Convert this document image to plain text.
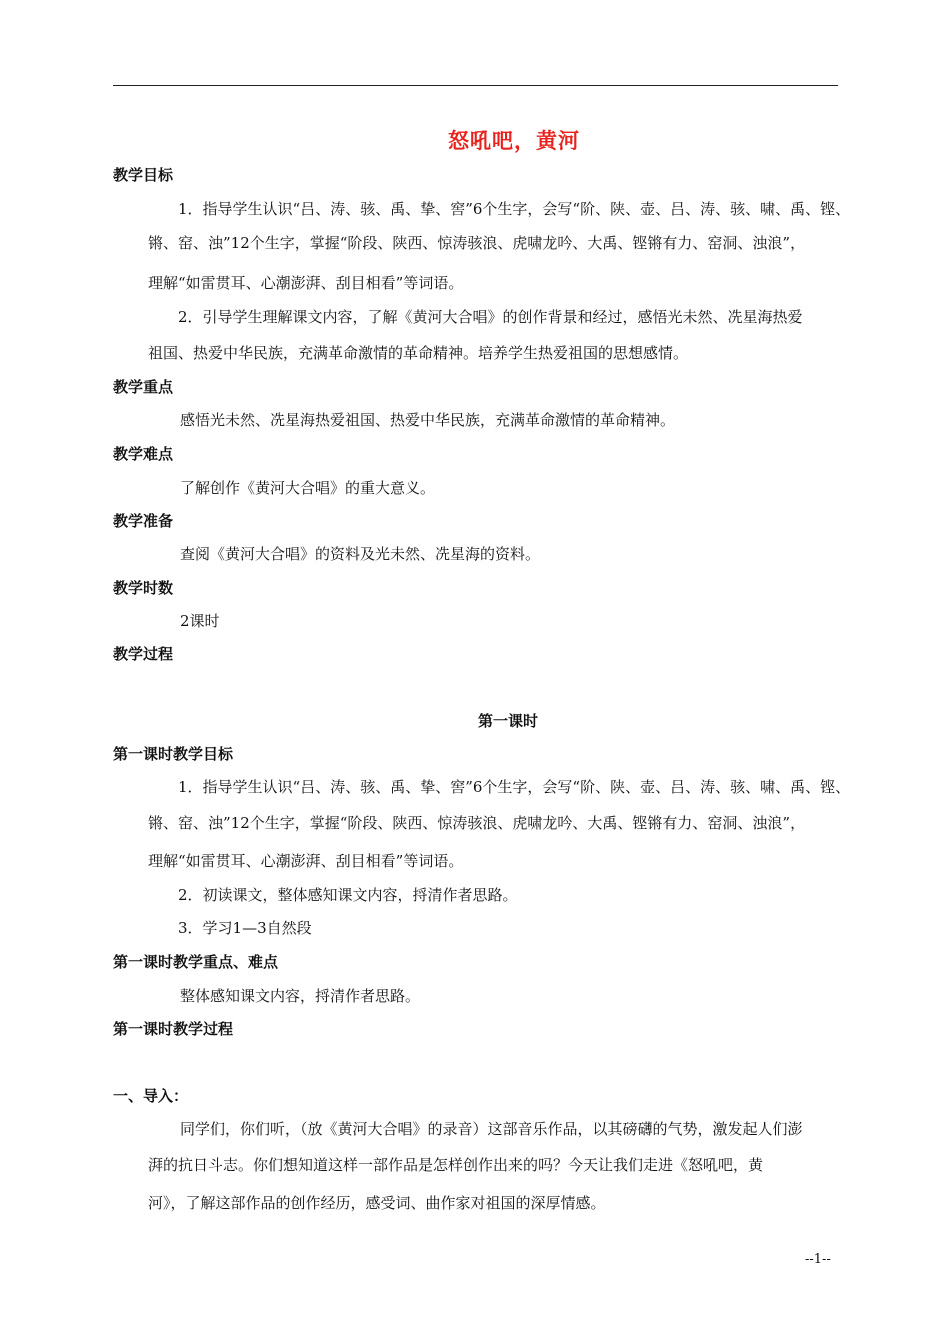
怒吼吧，黄河
教学目标
1．指导学生认识“吕、涛、骇、禹、挚、窖”6个生字，会写“阶、陕、壶、吕、涛、骇、啸、禹、铿、
锵、窑、浊”12个生字，掌握“阶段、陕西、惊涛骇浪、虎啸龙吟、大禹、铿锵有力、窑洞、浊浪”，
理解“如雷贯耳、心潮澎湃、刮目相看”等词语。
2．引导学生理解课文内容，了解《黄河大合唱》的创作背景和经过，感悟光未然、冼星海热爱
祖国、热爱中华民族，充满革命激情的革命精神。培养学生热爱祖国的思想感情。
教学重点
感悟光未然、冼星海热爱祖国、热爱中华民族，充满革命激情的革命精神。
教学难点
了解创作《黄河大合唱》的重大意义。
教学准备
查阅《黄河大合唱》的资料及光未然、冼星海的资料。
教学时数
2课时
教学过程
第一课时
第一课时教学目标
1．指导学生认识“吕、涛、骇、禹、挚、窖”6个生字，会写“阶、陕、壶、吕、涛、骇、啸、禹、铿、
锵、窑、浊”12个生字，掌握“阶段、陕西、惊涛骇浪、虎啸龙吟、大禹、铿锵有力、窑洞、浊浪”，
理解“如雷贯耳、心潮澎湃、刮目相看”等词语。
2．初读课文，整体感知课文内容，捋清作者思路。
3．学习1—3自然段
第一课时教学重点、难点
整体感知课文内容，捋清作者思路。
第一课时教学过程
一、导入：
同学们，你们听，（放《黄河大合唱》的录音）这部音乐作品，以其磅礴的气势，激发起人们澎
湃的抗日斗志。你们想知道这样一部作品是怎样创作出来的吗？今天让我们走进《怒吼吧，黄
河》，了解这部作品的创作经历，感受词、曲作家对祖国的深厚情感。
--1--
